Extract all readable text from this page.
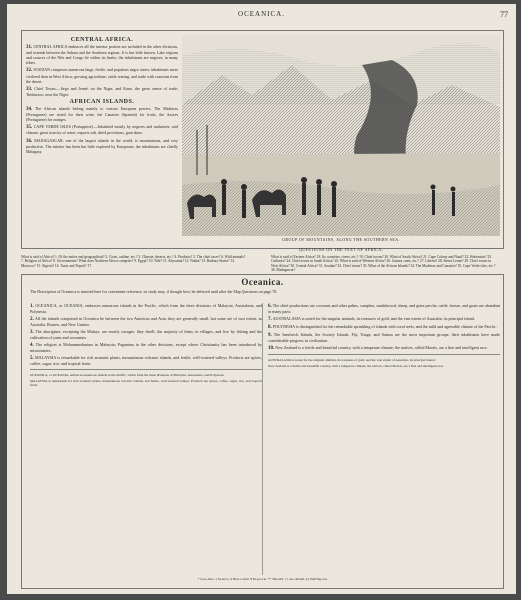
OCEANICA.	77
CENTRAL AFRICA.

31. CENTRAL AFRICA embraces all the interior portion not included in the other divisions, and extends between the Sahara and the Southern regions. It is but little known. Lake regions and sources of the Nile and Congo lie within its limits; the inhabitants are negroes, in many tribes.

32. SOUDAN comprises numerous large, fertile, and populous negro states; inhabitants more civilized than in West Africa; growing agriculture, cattle rearing, and trade with caravans from the desert.

33. Chief Towns.—Sego and Jenné, on the Niger, and Kano, the great centre of trade; Timbuctoo, near the Niger.

AFRICAN ISLANDS.

34. The African islands belong mainly to various European powers. The Madeiras (Portuguese) are noted for their wine; the Canaries (Spanish) for fruits; the Azores (Portuguese) for oranges.

35. CAPE VERDE ISLES (Portuguese).—Inhabited mostly by negroes and mulattoes; arid climate; great scarcity of water; exports salt, dried provisions, goat skins.

36. MADAGASCAR, one of the largest islands in the world, is mountainous, and very productive. The interior has been but little explored by Europeans; the inhabitants are chiefly Malagasy.

GROUP OF MOUNTAINS, ALONG THE SOUTHERN SEA.
QUESTIONS ON THE TEXT OF AFRICA.
What is said of Africa? 1. Of the native and geographical? 2. Coast, outline, etc.? 3. Climate, deserts, etc.? 4. Products? 5. The chief races? 6. Wild animals? 7. Religion of Africa? 8. Governments? What does Northern Africa comprise? 9. Egypt? 10. Nile? 11. Abyssinia? 12. Nubia? 13. Barbary States? 14. Morocco? 15. Algeria? 16. Tunis and Tripoli? 17.
What is said of Eastern Africa? 18. Its countries, rivers, etc.? 19. Chief towns? 20. What of South Africa? 21. Cape Colony and Natal? 22. Hottentots? 23. Caffraria? 24. Chief towns in South Africa? 25. What is said of Western Africa? 26. Guinea coast, etc.? 27. Liberia? 28. Sierra Leone? 29. Chief towns in West Africa? 30. Central Africa? 31. Soudan? 32. Chief towns? 33. What of the African Islands? 34. The Madeiras and Canaries? 35. Cape Verde isles, etc.? 36. Madagascar?
Oceanica.
The Description of Oceanica is inserted here for convenient reference; its study may, if thought best, be deferred until after the Map Questions on page 78.

1. OCEANICA, or OCEANIA, embraces numerous islands in the Pacific, which form the three divisions of Malaysia, Australasia, and Polynesia.

2. All the islands comprised in Oceanica lie between the two Americas and Asia; they are generally small, but some are of vast extent, as Australia, Borneo, and New Guinea.

3. The aborigines, excepting the Malays, are mostly savages: they dwell, the majority of them, in villages, and live by fishing and the cultivation of yams and cocoanuts.

4. The religion is Mohammedanism in Malaysia; Paganism in the other divisions, except where Christianity has been introduced by missionaries.

5. MALAYSIA is remarkable for rich aromatic plants, mountainous volcanic islands, and fertile, well-watered valleys. Products are spices, coffee, sugar, rice, and tropical fruits.

OCEANICA, or OCEANIA, embraces numerous islands in the Pacific, which form the three divisions of Malaysia, Australasia, and Polynesia.

MALAYSIA is remarkable for rich aromatic plants, mountainous volcanic islands, and fertile, well-watered valleys. Products are spices, coffee, sugar, rice, and tropical fruits.

6. The chief productions are coconuts and other palms, camphor, sandalwood, sheep, and gutta percha; cattle, horses, and goats are abundant in many parts.

7. AUSTRALASIA is noted for the singular animals, its treasures of gold, and the vast extent of Australia, its principal island.

8. POLYNESIA is distinguished for the remarkable sprinkling of islands with coral reefs, and the mild and agreeable climate of the Pacific.

9. The Sandwich Islands, the Society Islands, Fiji, Tonga, and Samoa are the most important groups; their inhabitants have made considerable progress in civilization.

10. New Zealand is a fertile and beautiful country, with a temperate climate; the natives, called Maoris, are a fine and intelligent race.

AUSTRALASIA is noted for the singular animals, its treasures of gold, and the vast extent of Australia, its principal island.

New Zealand is a fertile and beautiful country, with a temperate climate; the natives, called Maoris, are a fine and intelligent race.

* Caro-li'na. ‡ Sa-mo'a. § Hon-o-lu'lu. ¶ Pa-pe-e'te. ** Tah-hi'ti. †† Au-ck'land. ‡‡ Well'ing-ton.
